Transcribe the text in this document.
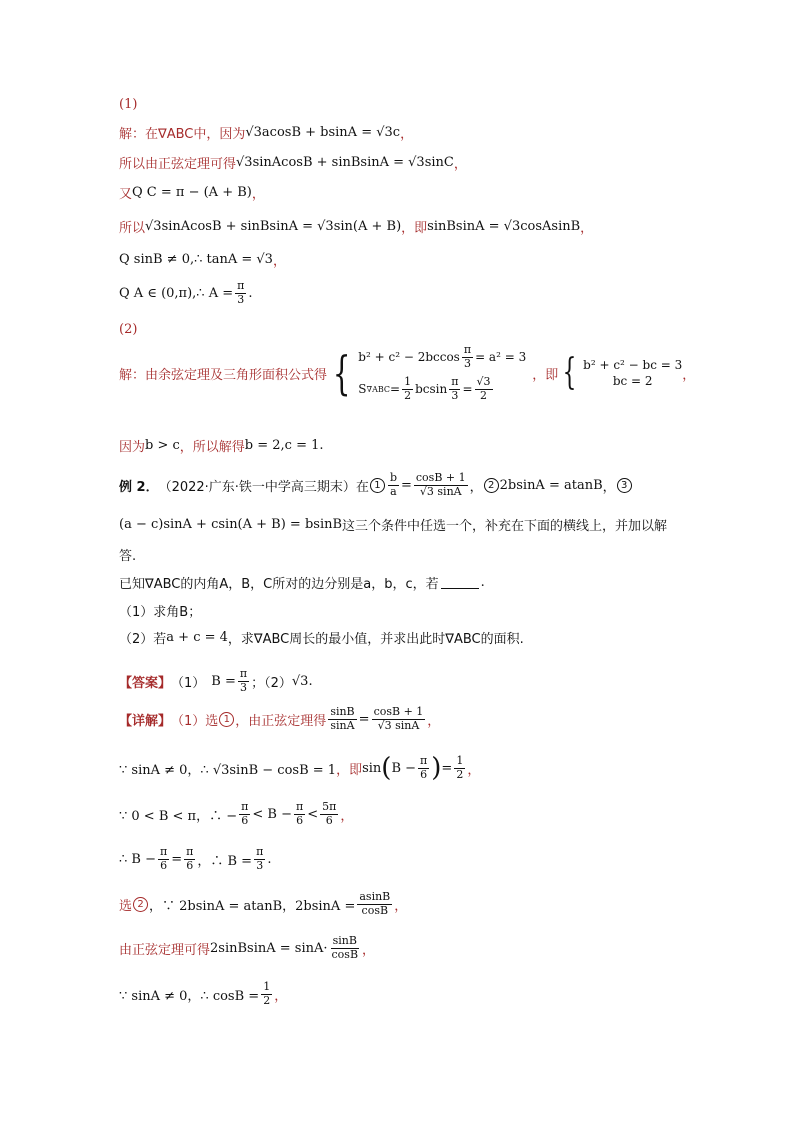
(1)
解：在∇ABC中，因为 √3acosB + bsinA = √3c ，
所以由正弦定理可得 √3sinAcosB + sinBsinA = √3sinC ，
又 Q C = π − (A + B) ，
所以 √3sinAcosB + sinBsinA = √3sin(A + B) ，即 sinBsinA = √3cosAsinB ，
Q sinB ≠ 0,∴ tanA = √3 ，
Q A ∈ (0,π),∴ $A = \frac{\pi}{3}$ .
(2)
解：由余弦定理及三角形面积公式得 { $b^2 + c^2 - 2bccos \frac{\pi}{3} = a^2 = 3$
S $\nabla ABC = \frac{1}{2}$ bcsin $\frac{\pi}{3} = \frac{√3}{2}$
，即 { b² + c² − bc = 3
bc = 2 ，
因为 b > c ，所以解得 b = 2,c = 1 .
例 2． （2022·广东·铁一中学高三期末）在 $1 \frac{b}{a} = \frac{\cos B + 1}{√3 \sin A}$ ， 2 2bsinA = atanB ， 3
(a − c)sinA + csin(A + B) = bsinB 这三个条件中任选一个，补充在下面的横线上，并加以解
答.
已知∇ABC的内角A，B，C所对的边分别是a，b，c，若	.
（1）求角B；
（2）若 a + c = 4 ，求∇ABC周长的最小值，并求出此时∇ABC的面积.
【答案】 （1） $B = \frac{\pi}{3}$ ；（2） √3 .
【详解】 （1）选 1 ，由正弦定理得 $\frac{\sin B}{\sin A} = \frac{\cos B + 1}{√3 \sin A}$ ，
∵ sinA ≠ 0，∴ √3sinB − cosB = 1 ，即 sin ( $B - \frac{\pi}{6}$ ) = $\frac{1}{2}$ ，
∵ 0 < B < π，∴ − $\frac{\pi}{6} < B - \frac{\pi}{6} < \frac{5\pi}{6}$ ，
∴ $B - \frac{\pi}{6} = \frac{\pi}{6}$ ，∴ $B = \frac{\pi}{3}$ .
选 2 ，∵ 2bsinA = atanB，$2bsinA = \frac{asinB}{\cos B}$ ，
由正弦定理可得 2sinBsinA = $\sin A\cdot \frac{\sin B}{\cos B}$ ，
∵ sinA ≠ 0，∴ $\cos B = \frac{1}{2}$ ，
